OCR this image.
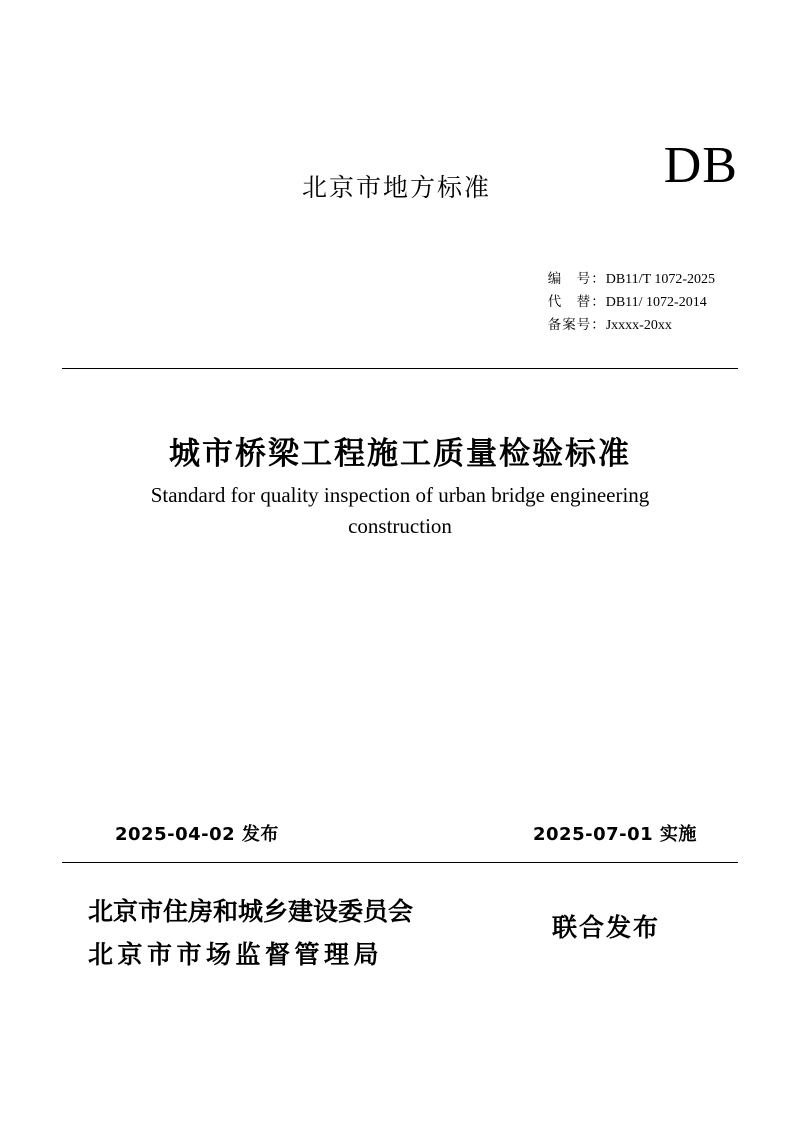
北京市地方标准	DB
编　号：DB11/T 1072-2025
代　替：DB11/ 1072-2014
备案号：Jxxxx-20xx
城市桥梁工程施工质量检验标准
Standard for quality inspection of urban bridge engineering
construction
2025-04-02 发布	2025-07-01 实施
北京市住房和城乡建设委员会
北京市市场监督管理局
联合发布
